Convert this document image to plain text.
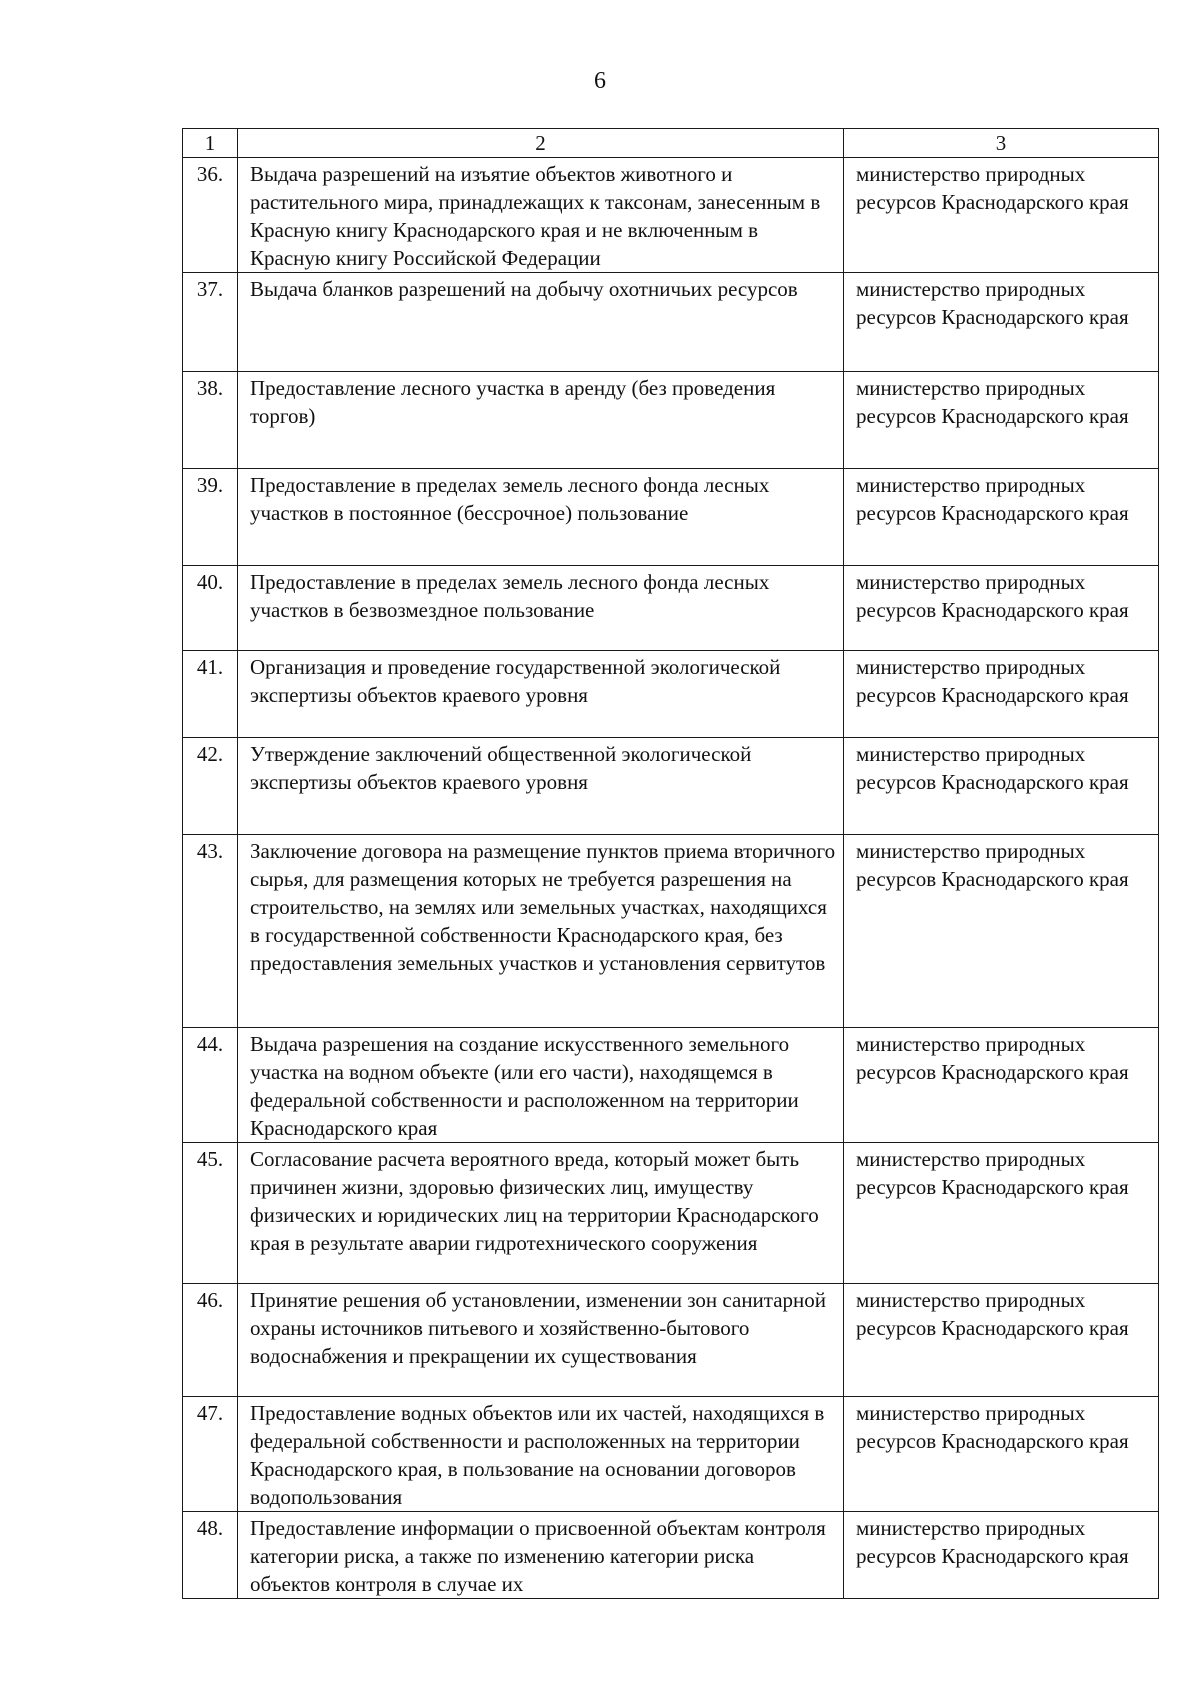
6
1	2	3
36.	Выдача разрешений на изъятие объектов животного и растительного мира, принадлежащих к таксонам, занесенным в Красную книгу Краснодарского края и не включенным в Красную книгу Российской Федерации	министерство природных ресурсов Краснодарского края
37.	Выдача бланков разрешений на добычу охотничьих ресурсов	министерство природных ресурсов Краснодарского края
38.	Предоставление лесного участка в аренду (без проведения торгов)	министерство природных ресурсов Краснодарского края
39.	Предоставление в пределах земель лесного фонда лесных участков в постоянное (бессрочное) пользование	министерство природных ресурсов Краснодарского края
40.	Предоставление в пределах земель лесного фонда лесных участков в безвозмездное пользование	министерство природных ресурсов Краснодарского края
41.	Организация и проведение государственной экологической экспертизы объектов краевого уровня	министерство природных ресурсов Краснодарского края
42.	Утверждение заключений общественной экологической экспертизы объектов краевого уровня	министерство природных ресурсов Краснодарского края
43.	Заключение договора на размещение пунктов приема вторичного сырья, для размещения которых не требуется разрешения на строительство, на землях или земельных участках, находящихся в государственной собственности Краснодарского края, без предоставления земельных участков и установления сервитутов	министерство природных ресурсов Краснодарского края
44.	Выдача разрешения на создание искусственного земельного участка на водном объекте (или его части), находящемся в федеральной собственности и расположенном на территории Краснодарского края	министерство природных ресурсов Краснодарского края
45.	Согласование расчета вероятного вреда, который может быть причинен жизни, здоровью физических лиц, имуществу физических и юридических лиц на территории Краснодарского края в результате аварии гидротехнического сооружения	министерство природных ресурсов Краснодарского края
46.	Принятие решения об установлении, изменении зон санитарной охраны источников питьевого и хозяйственно-бытового водоснабжения и прекращении их существования	министерство природных ресурсов Краснодарского края
47.	Предоставление водных объектов или их частей, находящихся в федеральной собственности и расположенных на территории Краснодарского края, в пользование на основании договоров водопользования	министерство природных ресурсов Краснодарского края
48.	Предоставление информации о присвоенной объектам контроля категории риска, а также по изменению категории риска объектов контроля в случае их	министерство природных ресурсов Краснодарского края
